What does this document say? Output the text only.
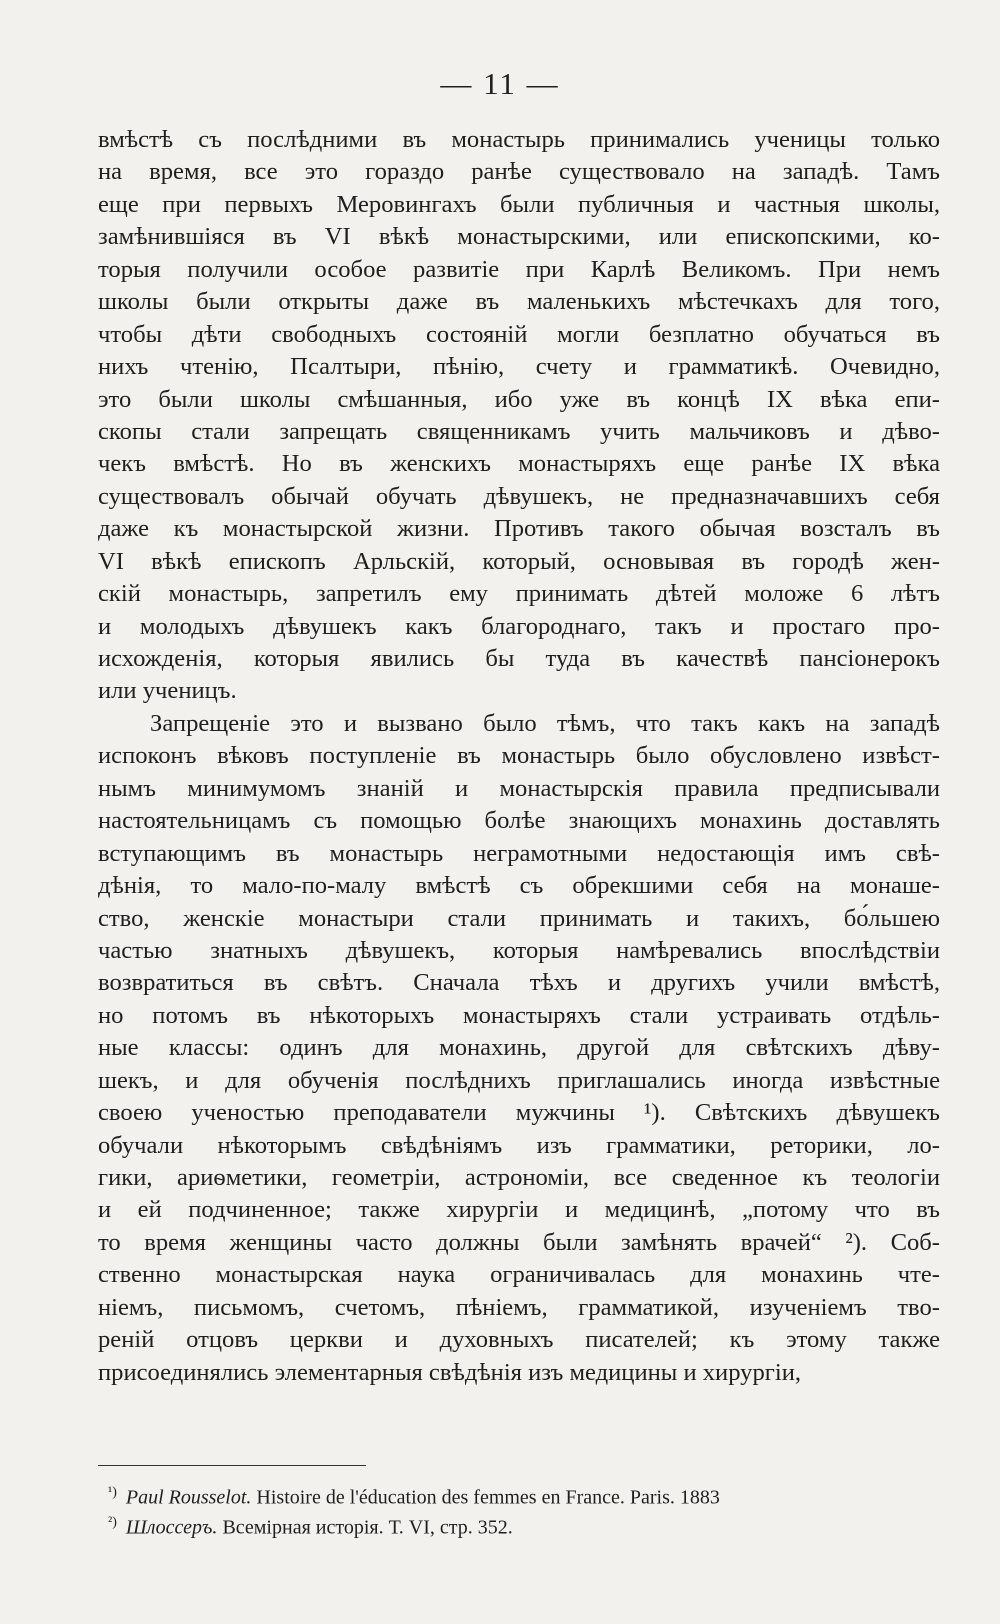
— 11 —
вмѣстѣ съ послѣдними въ монастырь принимались ученицы только
на время, все это гораздо ранѣе существовало на западѣ. Тамъ
еще при первыхъ Меровингахъ были публичныя и частныя школы,
замѣнившiяся въ VI вѣкѣ монастырскими, или епископскими, ко-
торыя получили особое развитiе при Карлѣ Великомъ. При немъ
школы были открыты даже въ маленькихъ мѣстечкахъ для того,
чтобы дѣти свободныхъ состоянiй могли безплатно обучаться въ
нихъ чтенiю, Псалтыри, пѣнiю, счету и грамматикѣ. Очевидно,
это были школы смѣшанныя, ибо уже въ концѣ IX вѣка епи-
скопы стали запрещать священникамъ учить мальчиковъ и дѣво-
чекъ вмѣстѣ. Но въ женскихъ монастыряхъ еще ранѣе IX вѣка
существовалъ обычай обучать дѣвушекъ, не предназначавшихъ себя
даже къ монастырской жизни. Противъ такого обычая возсталъ въ
VI вѣкѣ епископъ Арльскiй, который, основывая въ городѣ жен-
скiй монастырь, запретилъ ему принимать дѣтей моложе 6 лѣтъ
и молодыхъ дѣвушекъ какъ благороднаго, такъ и простаго про-
исхожденiя, которыя явились бы туда въ качествѣ пансiонерокъ
или ученицъ.
Запрещенiе это и вызвано было тѣмъ, что такъ какъ на западѣ
испоконъ вѣковъ поступленiе въ монастырь было обусловлено извѣст-
нымъ минимумомъ знанiй и монастырскiя правила предписывали
настоятельницамъ съ помощью болѣе знающихъ монахинь доставлять
вступающимъ въ монастырь неграмотными недостающiя имъ свѣ-
дѣнiя, то мало-по-малу вмѣстѣ съ обрекшими себя на монаше-
ство, женскiе монастыри стали принимать и такихъ, бо́льшею
частью знатныхъ дѣвушекъ, которыя намѣревались впослѣдствiи
возвратиться въ свѣтъ. Сначала тѣхъ и другихъ учили вмѣстѣ,
но потомъ въ нѣкоторыхъ монастыряхъ стали устраивать отдѣль-
ные классы: одинъ для монахинь, другой для свѣтскихъ дѣву-
шекъ, и для обученiя послѣднихъ приглашались иногда извѣстные
своею ученостью преподаватели мужчины ¹). Свѣтскихъ дѣвушекъ
обучали нѣкоторымъ свѣдѣнiямъ изъ грамматики, реторики, ло-
гики, ариѳметики, геометрiи, астрономiи, все сведенное къ теологiи
и ей подчиненное; также хирургiи и медицинѣ, „потому что въ
то время женщины часто должны были замѣнять врачей“ ²). Соб-
ственно монастырская наука ограничивалась для монахинь чте-
нiемъ, письмомъ, счетомъ, пѣнiемъ, грамматикой, изученiемъ тво-
ренiй отцовъ церкви и духовныхъ писателей; къ этому также
присоединялись элементарныя свѣдѣнiя изъ медицины и хирургiи,
$^{^1)}$ Paul Rousselot. Histoire de l'éducation des femmes en France. Paris. 1883
$^{^2)}$ Шлоссеръ. Всемiрная исторiя. Т. VI, стр. 352.
